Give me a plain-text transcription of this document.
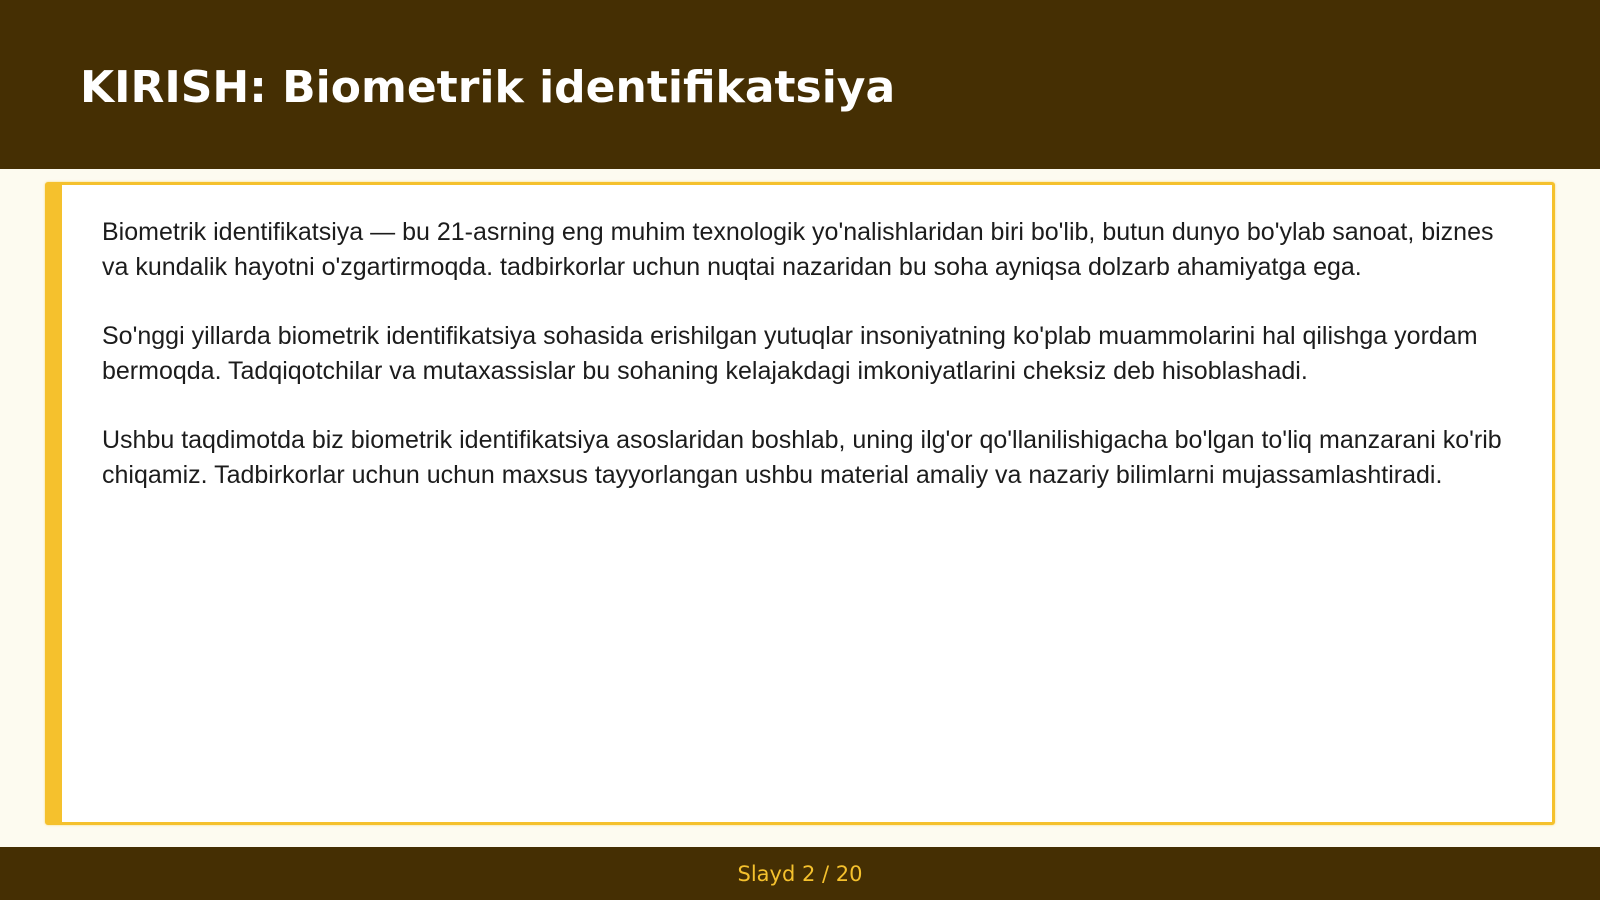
KIRISH: Biometrik identifikatsiya

Biometrik identifikatsiya — bu 21-asrning eng muhim texnologik yo'nalishlaridan biri bo'lib, butun dunyo bo'ylab sanoat, biznes va kundalik hayotni o'zgartirmoqda. tadbirkorlar uchun nuqtai nazaridan bu soha ayniqsa dolzarb ahamiyatga ega.

So'nggi yillarda biometrik identifikatsiya sohasida erishilgan yutuqlar insoniyatning ko'plab muammolarini hal qilishga yordam bermoqda. Tadqiqotchilar va mutaxassislar bu sohaning kelajakdagi imkoniyatlarini cheksiz deb hisoblashadi.

Ushbu taqdimotda biz biometrik identifikatsiya asoslaridan boshlab, uning ilg'or qo'llanilishigacha bo'lgan to'liq manzarani ko'rib chiqamiz. Tadbirkorlar uchun uchun maxsus tayyorlangan ushbu material amaliy va nazariy bilimlarni mujassamlashtiradi.

Slayd 2 / 20
